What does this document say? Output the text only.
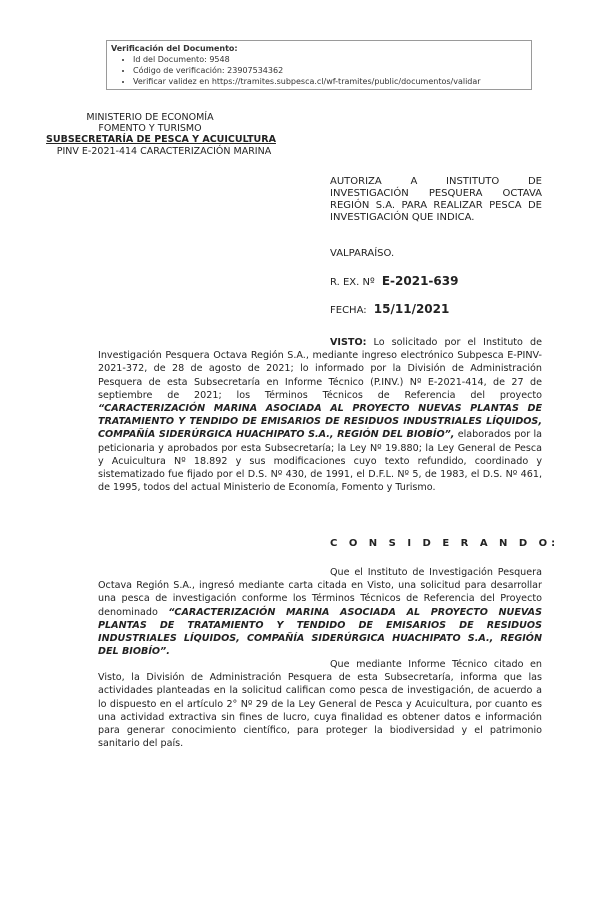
Verificación del Documento:
• Id del Documento: 9548
• Código de verificación: 23907534362
• Verificar validez en https://tramites.subpesca.cl/wf-tramites/public/documentos/validar
MINISTERIO DE ECONOMÍA
FOMENTO Y TURISMO
SUBSECRETARÍA DE PESCA Y ACUICULTURA
PINV E-2021-414 CARACTERIZACIÓN MARINA
AUTORIZA A INSTITUTO DE INVESTIGACIÓN PESQUERA OCTAVA REGIÓN S.A. PARA REALIZAR PESCA DE INVESTIGACIÓN QUE INDICA.
VALPARAÍSO.
R. EX. Nº E-2021-639
FECHA: 15/11/2021
VISTO: Lo solicitado por el Instituto de Investigación Pesquera Octava Región S.A., mediante ingreso electrónico Subpesca E-PINV-2021-372, de 28 de agosto de 2021; lo informado por la División de Administración Pesquera de esta Subsecretaría en Informe Técnico (P.INV.) Nº E-2021-414, de 27 de septiembre de 2021; los Términos Técnicos de Referencia del proyecto “CARACTERIZACIÓN MARINA ASOCIADA AL PROYECTO NUEVAS PLANTAS DE TRATAMIENTO Y TENDIDO DE EMISARIOS DE RESIDUOS INDUSTRIALES LÍQUIDOS, COMPAÑÍA SIDERÚRGICA HUACHIPATO S.A., REGIÓN DEL BIOBÍO”, elaborados por la peticionaria y aprobados por esta Subsecretaría; la Ley Nº 19.880; la Ley General de Pesca y Acuicultura Nº 18.892 y sus modificaciones cuyo texto refundido, coordinado y sistematizado fue fijado por el D.S. Nº 430, de 1991, el D.F.L. Nº 5, de 1983, el D.S. Nº 461, de 1995, todos del actual Ministerio de Economía, Fomento y Turismo.
C O N S I D E R A N D O:
Que el Instituto de Investigación Pesquera Octava Región S.A., ingresó mediante carta citada en Visto, una solicitud para desarrollar una pesca de investigación conforme los Términos Técnicos de Referencia del Proyecto denominado “CARACTERIZACIÓN MARINA ASOCIADA AL PROYECTO NUEVAS PLANTAS DE TRATAMIENTO Y TENDIDO DE EMISARIOS DE RESIDUOS INDUSTRIALES LÍQUIDOS, COMPAÑÍA SIDERÚRGICA HUACHIPATO S.A., REGIÓN DEL BIOBÍO”.
Que mediante Informe Técnico citado en Visto, la División de Administración Pesquera de esta Subsecretaría, informa que las actividades planteadas en la solicitud califican como pesca de investigación, de acuerdo a lo dispuesto en el artículo 2° Nº 29 de la Ley General de Pesca y Acuicultura, por cuanto es una actividad extractiva sin fines de lucro, cuya finalidad es obtener datos e información para generar conocimiento científico, para proteger la biodiversidad y el patrimonio sanitario del país.
